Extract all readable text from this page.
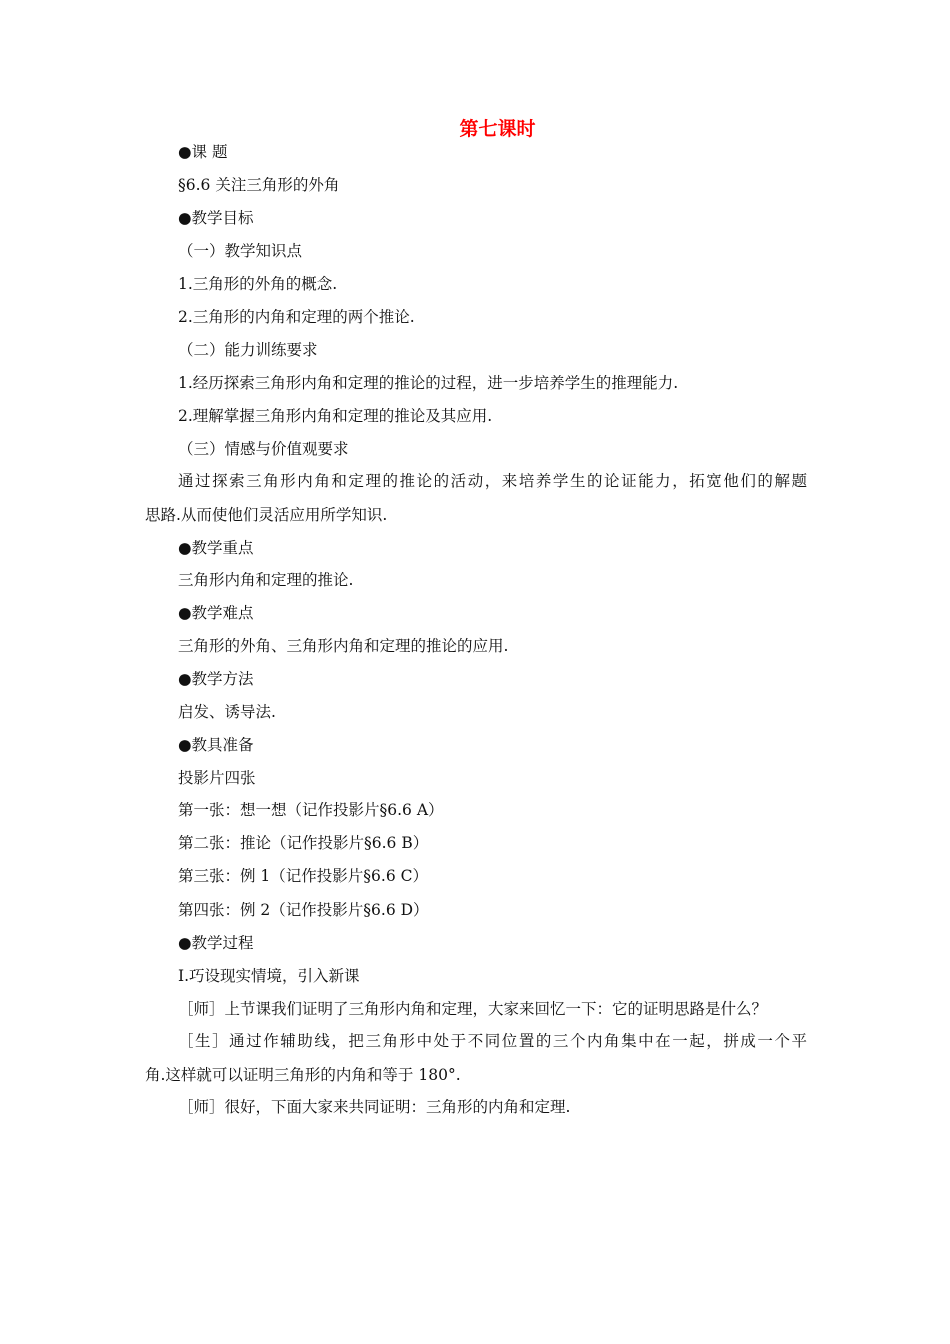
第七课时
●课 题
§6.6 关注三角形的外角
●教学目标
（一）教学知识点
1.三角形的外角的概念.
2.三角形的内角和定理的两个推论.
（二）能力训练要求
1.经历探索三角形内角和定理的推论的过程，进一步培养学生的推理能力.
2.理解掌握三角形内角和定理的推论及其应用.
（三）情感与价值观要求
通过探索三角形内角和定理的推论的活动，来培养学生的论证能力，拓宽他们的解题
思路.从而使他们灵活应用所学知识.
●教学重点
三角形内角和定理的推论.
●教学难点
三角形的外角、三角形内角和定理的推论的应用.
●教学方法
启发、诱导法.
●教具准备
投影片四张
第一张：想一想（记作投影片§6.6 A）
第二张：推论（记作投影片§6.6 B）
第三张：例 1（记作投影片§6.6 C）
第四张：例 2（记作投影片§6.6 D）
●教学过程
Ⅰ.巧设现实情境，引入新课
［师］上节课我们证明了三角形内角和定理，大家来回忆一下：它的证明思路是什么？
［生］通过作辅助线，把三角形中处于不同位置的三个内角集中在一起，拼成一个平
角.这样就可以证明三角形的内角和等于 180°.
［师］很好，下面大家来共同证明：三角形的内角和定理.
